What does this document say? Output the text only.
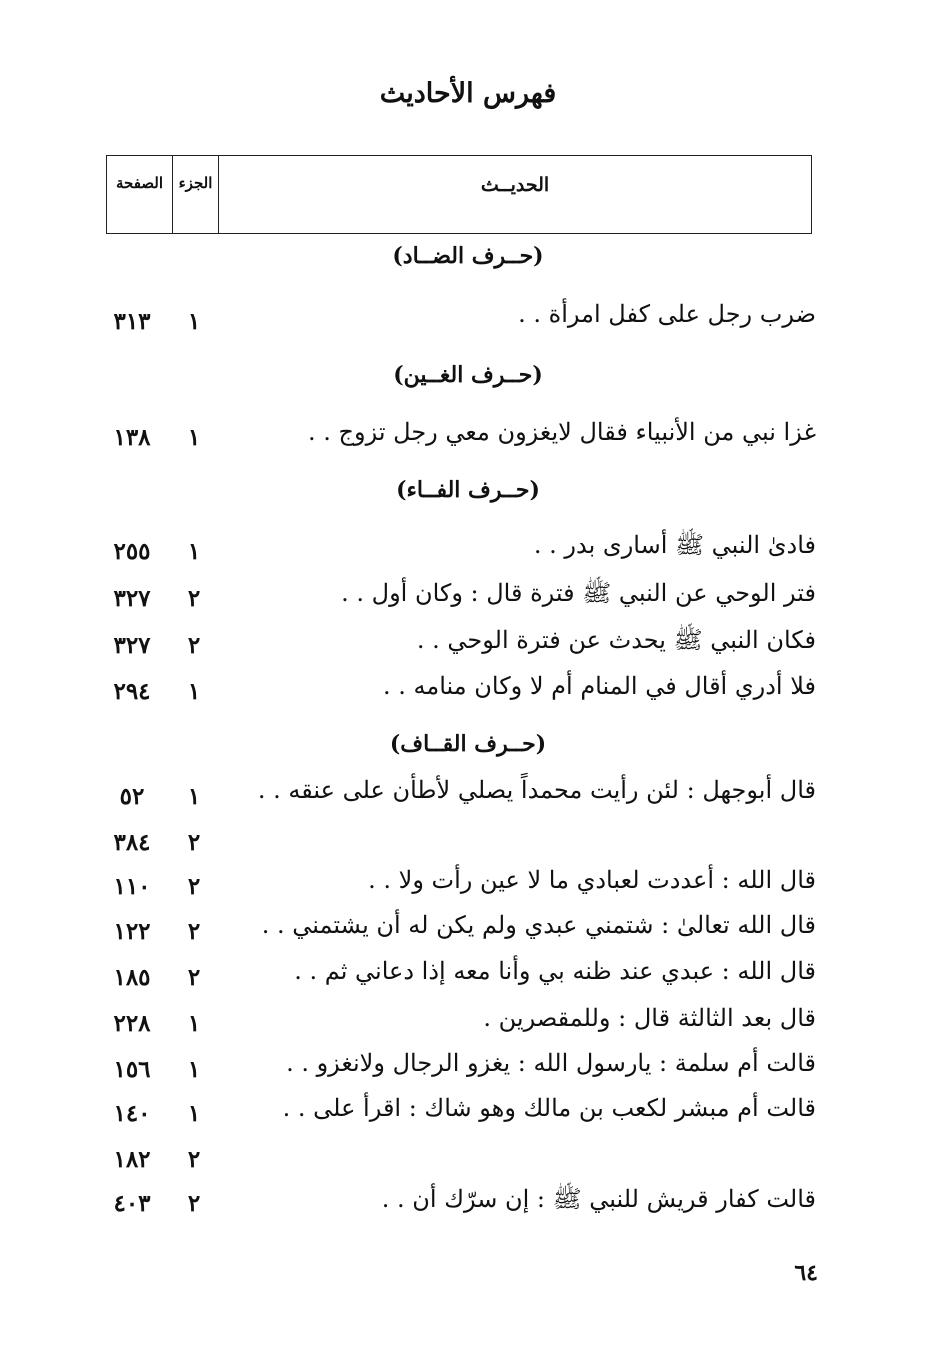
فهرس الأحاديث
الصفحة	الجزء	الحديــث
(حــرف الضــاد)
ضرب رجل على كفل امرأة . .
١
٣١٣
(حــرف الغــين)
غزا نبي من الأنبياء فقال لايغزون معي رجل تزوج . .
١
١٣٨
(حــرف الفــاء)
فادىٰ النبي ﷺ أسارى بدر . .
١
٢٥٥
فتر الوحي عن النبي ﷺ فترة قال : وكان أول . .
٢
٣٢٧
فكان النبي ﷺ يحدث عن فترة الوحي . .
٢
٣٢٧
فلا أدري أقال في المنام أم لا وكان منامه . .
١
٢٩٤
(حــرف القــاف)
قال أبوجهل : لئن رأيت محمداً يصلي لأطأن على عنقه . .
١
٥٢
٢
٣٨٤
قال الله : أعددت لعبادي ما لا عين رأت ولا . .
٢
١١٠
قال الله تعالىٰ : شتمني عبدي ولم يكن له أن يشتمني . .
٢
١٢٢
قال الله : عبدي عند ظنه بي وأنا معه إذا دعاني ثم . .
٢
١٨٥
قال بعد الثالثة قال : وللمقصرين .
١
٢٢٨
قالت أم سلمة : يارسول الله : يغزو الرجال ولانغزو . .
١
١٥٦
قالت أم مبشر لكعب بن مالك وهو شاك : اقرأ على . .
١
١٤٠
٢
١٨٢
قالت كفار قريش للنبي ﷺ : إن سرّك أن . .
٢
٤٠٣
٦٤
